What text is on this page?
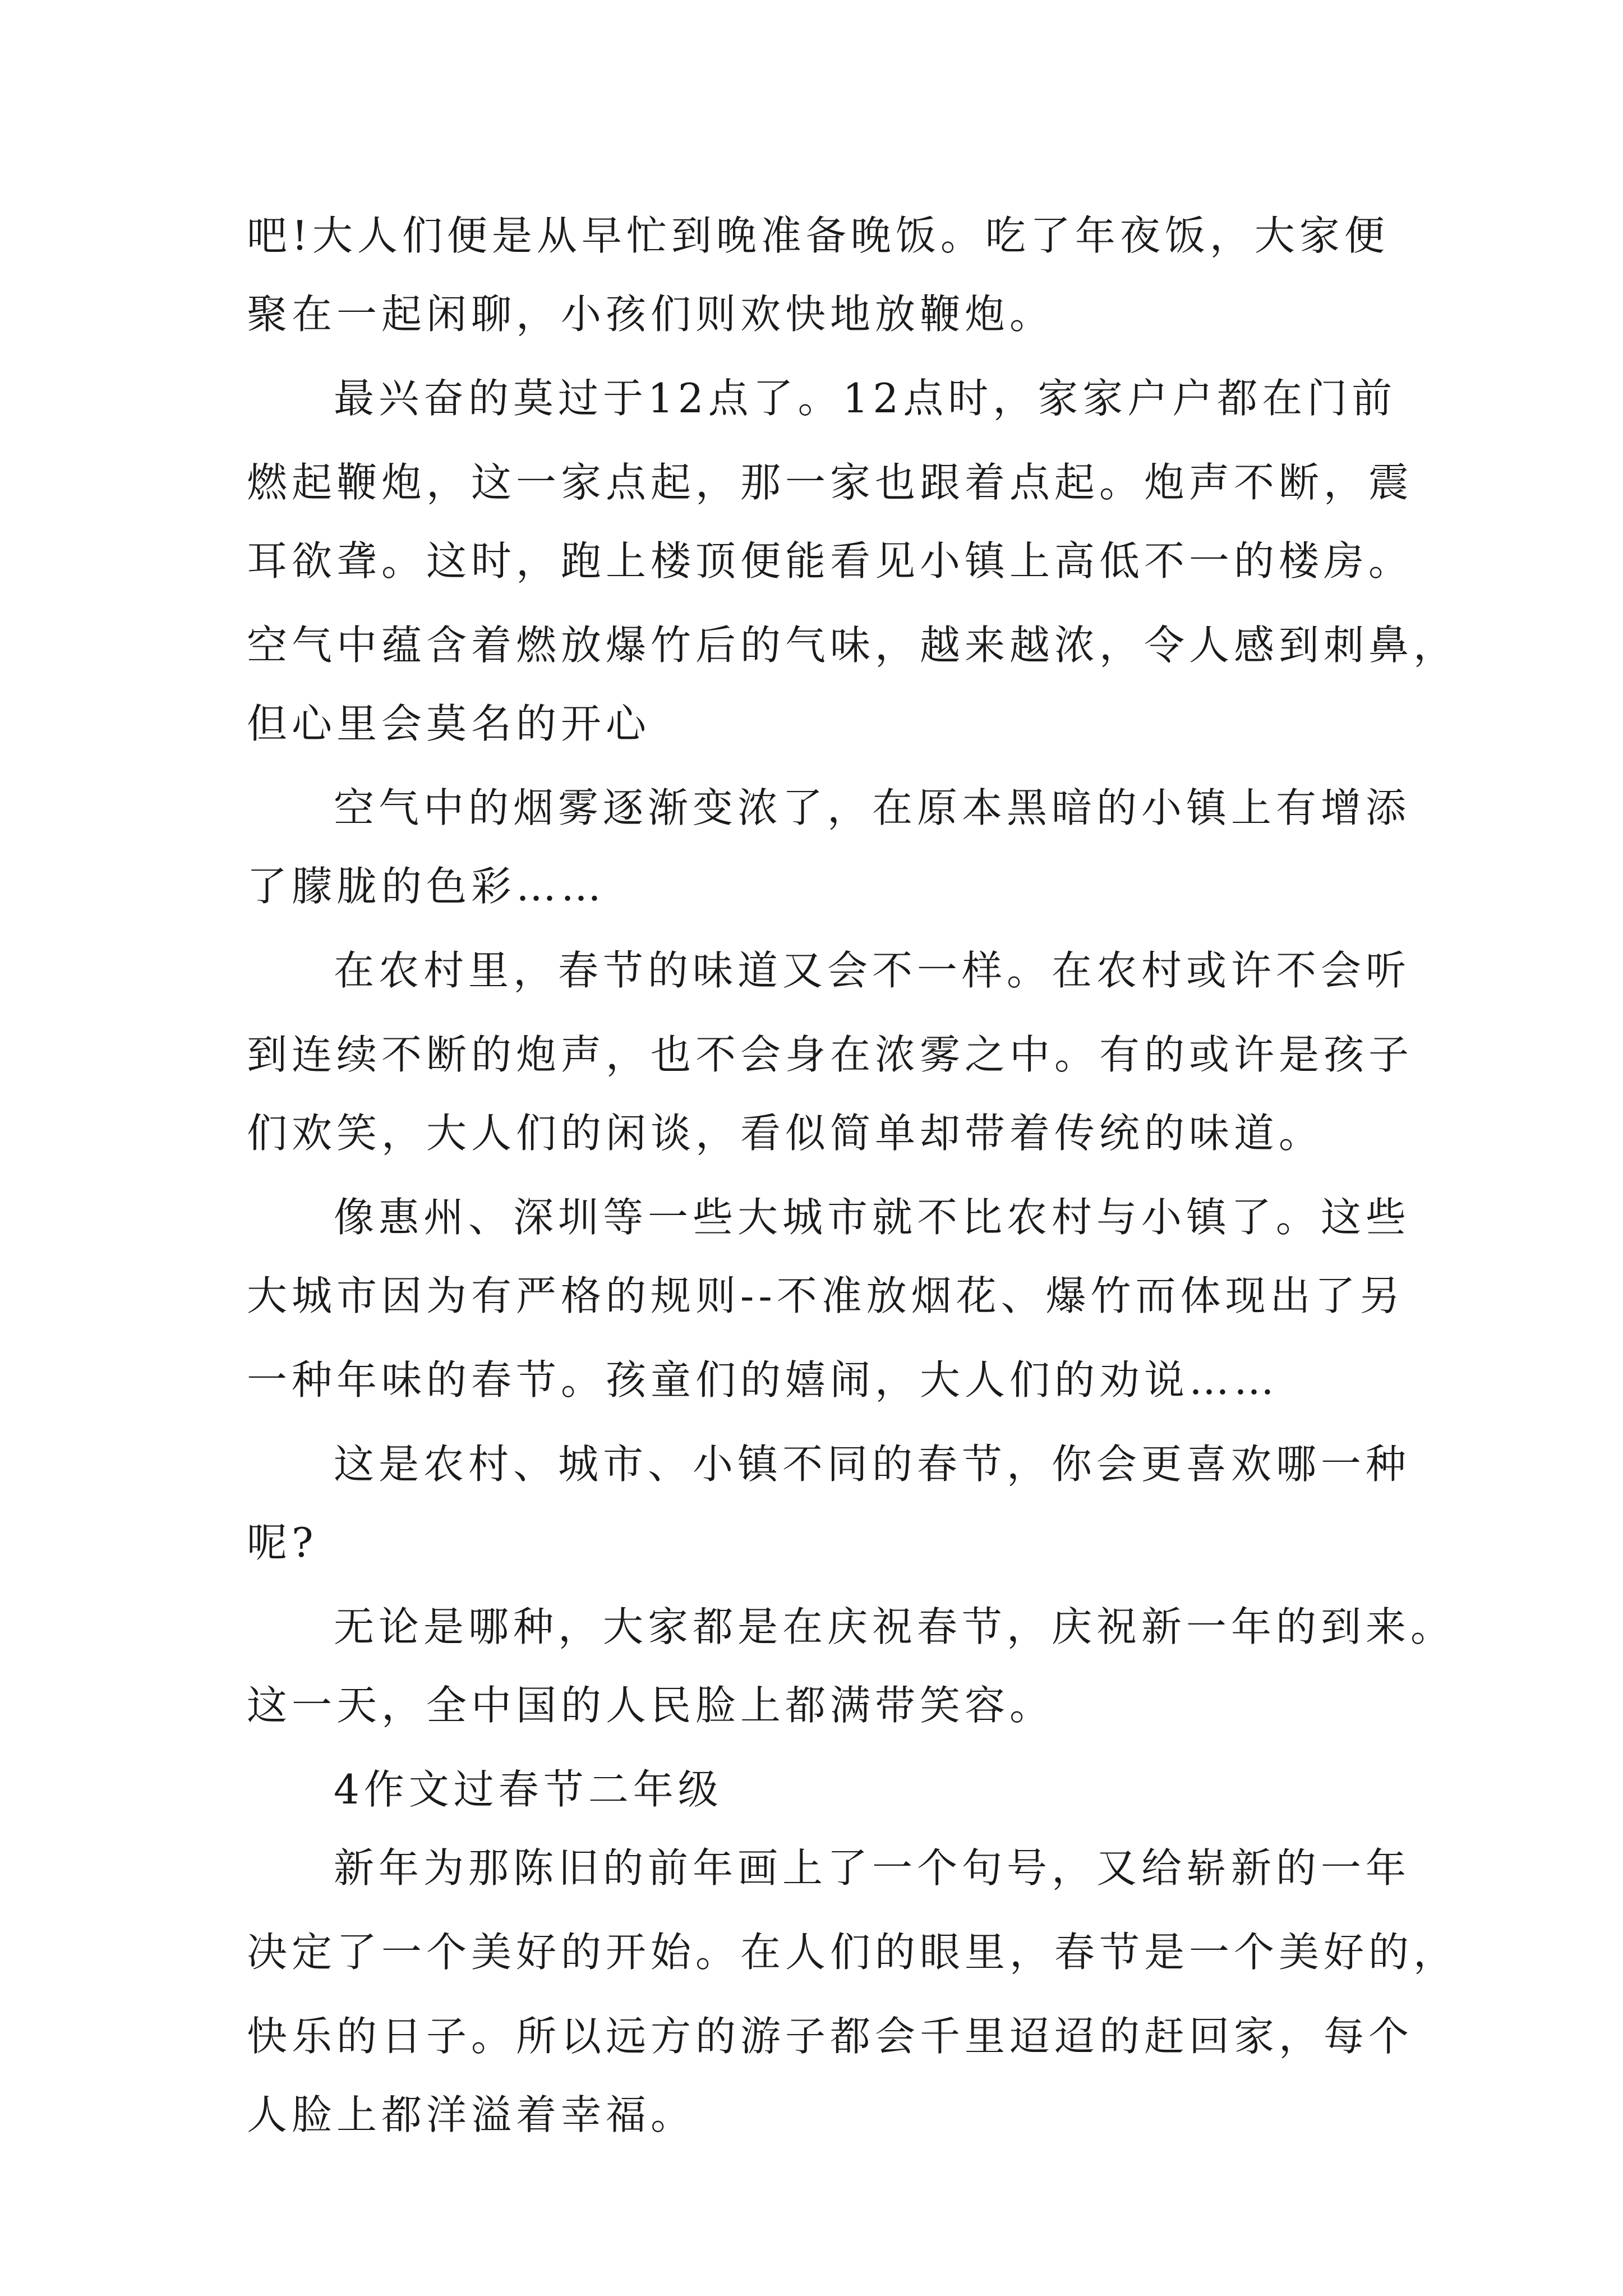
吧!大人们便是从早忙到晚准备晚饭。吃了年夜饭，大家便
聚在一起闲聊，小孩们则欢快地放鞭炮。
最兴奋的莫过于12点了。12点时，家家户户都在门前
燃起鞭炮，这一家点起，那一家也跟着点起。炮声不断，震
耳欲聋。这时，跑上楼顶便能看见小镇上高低不一的楼房。
空气中蕴含着燃放爆竹后的气味，越来越浓，令人感到刺鼻，
但心里会莫名的开心
空气中的烟雾逐渐变浓了，在原本黑暗的小镇上有增添
了朦胧的色彩……
在农村里，春节的味道又会不一样。在农村或许不会听
到连续不断的炮声，也不会身在浓雾之中。有的或许是孩子
们欢笑，大人们的闲谈，看似简单却带着传统的味道。
像惠州、深圳等一些大城市就不比农村与小镇了。这些
大城市因为有严格的规则--不准放烟花、爆竹而体现出了另
一种年味的春节。孩童们的嬉闹，大人们的劝说……
这是农村、城市、小镇不同的春节，你会更喜欢哪一种
呢?
无论是哪种，大家都是在庆祝春节，庆祝新一年的到来。
这一天，全中国的人民脸上都满带笑容。
4作文过春节二年级
新年为那陈旧的前年画上了一个句号，又给崭新的一年
决定了一个美好的开始。在人们的眼里，春节是一个美好的，
快乐的日子。所以远方的游子都会千里迢迢的赶回家，每个
人脸上都洋溢着幸福。
